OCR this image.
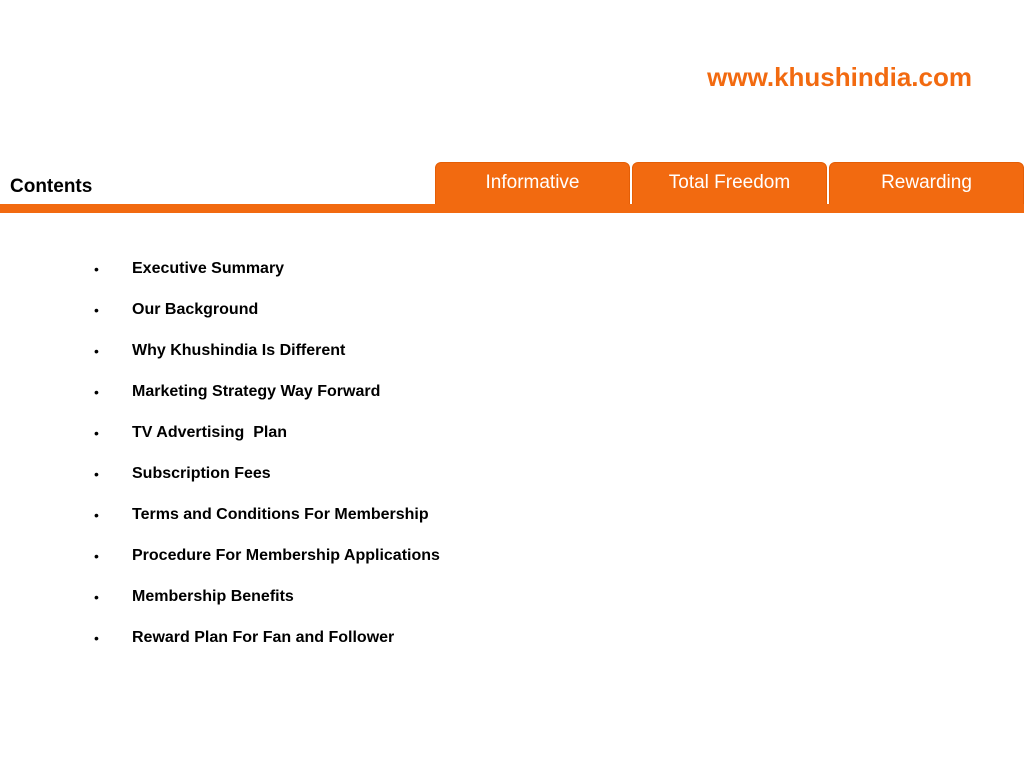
www.khushindia.com
Contents	Informative	Total Freedom	Rewarding
•	Executive Summary
•	Our Background
•	Why Khushindia Is Different
•	Marketing Strategy Way Forward
•	TV Advertising  Plan
•	Subscription Fees
•	Terms and Conditions For Membership
•	Procedure For Membership Applications
•	Membership Benefits
•	Reward Plan For Fan and Follower
